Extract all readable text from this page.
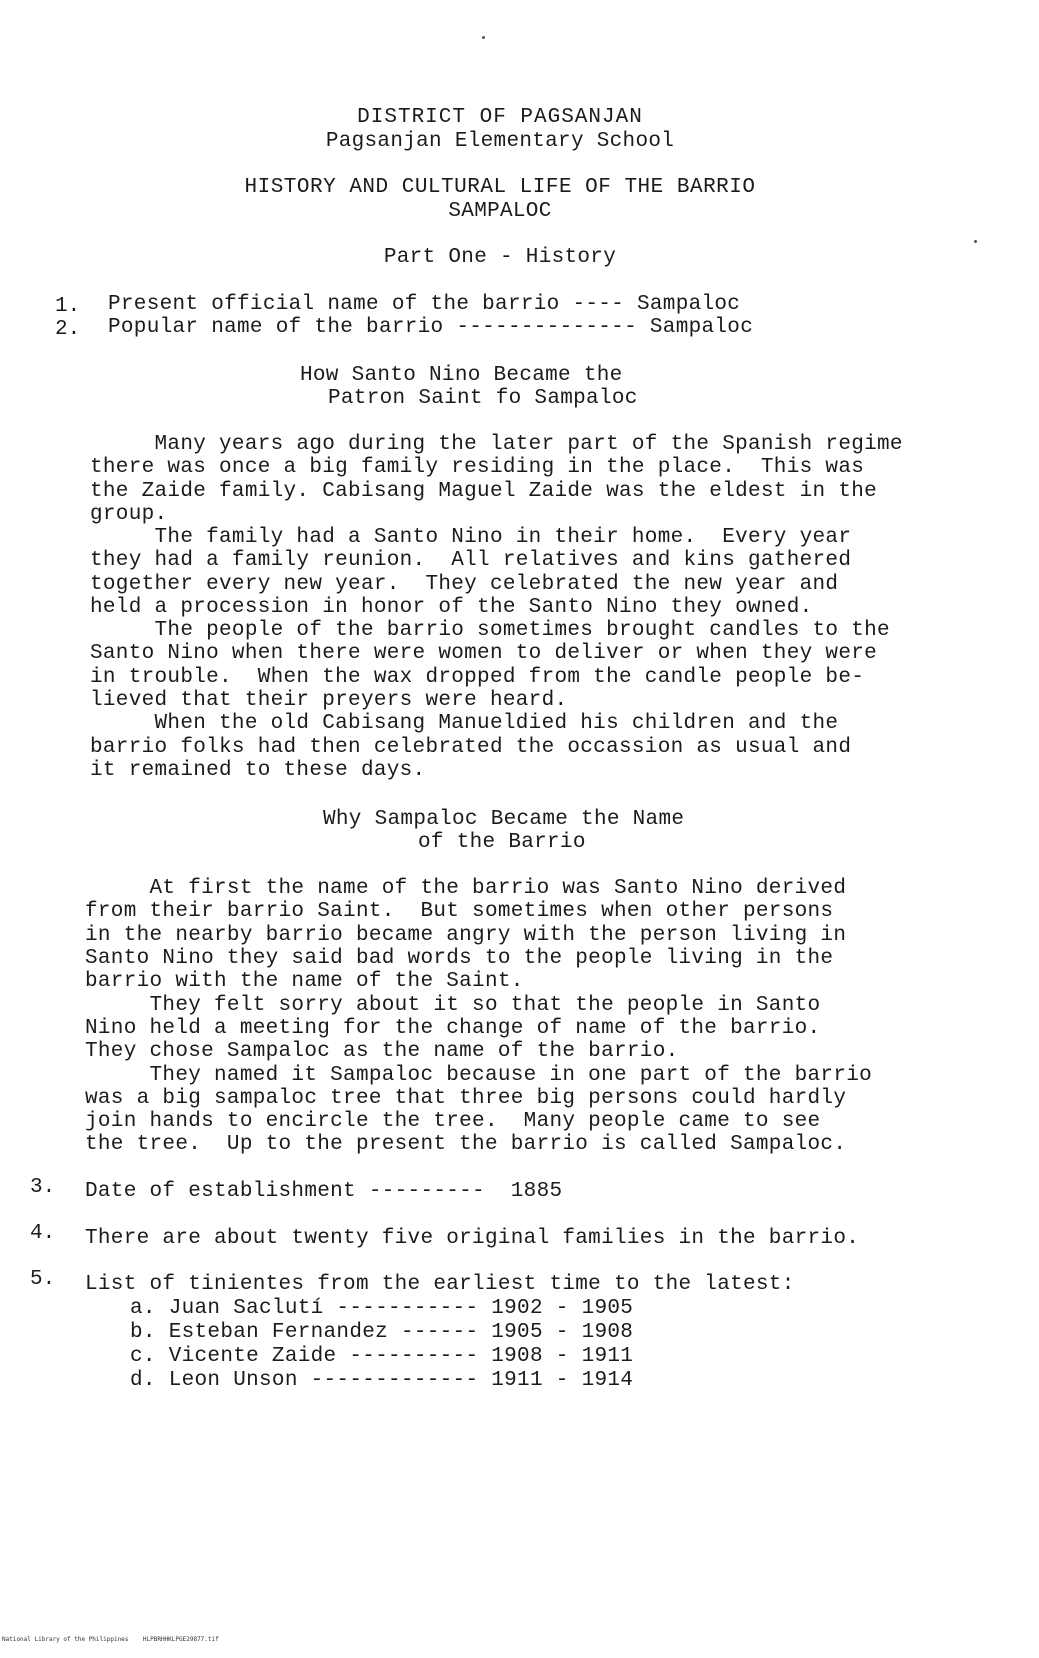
DISTRICT OF PAGSANJAN
Pagsanjan Elementary School
HISTORY AND CULTURAL LIFE OF THE BARRIO
SAMPALOC
Part One - History
1. Present official name of the barrio ---- Sampaloc
2. Popular name of the barrio -------------- Sampaloc
How Santo Nino Became the
Patron Saint fo Sampaloc
Many years ago during the later part of the Spanish regime
there was once a big family residing in the place.  This was
the Zaide family. Cabisang Maguel Zaide was the eldest in the
group.
The family had a Santo Nino in their home.  Every year
they had a family reunion.  All relatives and kins gathered
together every new year.  They celebrated the new year and
held a procession in honor of the Santo Nino they owned.
The people of the barrio sometimes brought candles to the
Santo Nino when there were women to deliver or when they were
in trouble.  When the wax dropped from the candle people be-
lieved that their preyers were heard.
When the old Cabisang Manueldied his children and the
barrio folks had then celebrated the occassion as usual and
it remained to these days.
Why Sampaloc Became the Name
of the Barrio
At first the name of the barrio was Santo Nino derived
from their barrio Saint.  But sometimes when other persons
in the nearby barrio became angry with the person living in
Santo Nino they said bad words to the people living in the
barrio with the name of the Saint.
They felt sorry about it so that the people in Santo
Nino held a meeting for the change of name of the barrio.
They chose Sampaloc as the name of the barrio.
They named it Sampaloc because in one part of the barrio
was a big sampaloc tree that three big persons could hardly
join hands to encircle the tree.  Many people came to see
the tree.  Up to the present the barrio is called Sampaloc.
3. Date of establishment ---------  1885
4. There are about twenty five original families in the barrio.
5. List of tinientes from the earliest time to the latest:
a. Juan Saclutí ----------- 1902 - 1905
b. Esteban Fernandez ------ 1905 - 1908
c. Vicente Zaide ---------- 1908 - 1911
d. Leon Unson ------------- 1911 - 1914
National Library of the Philippines    HLPBRHHKLPGE29877.tif
